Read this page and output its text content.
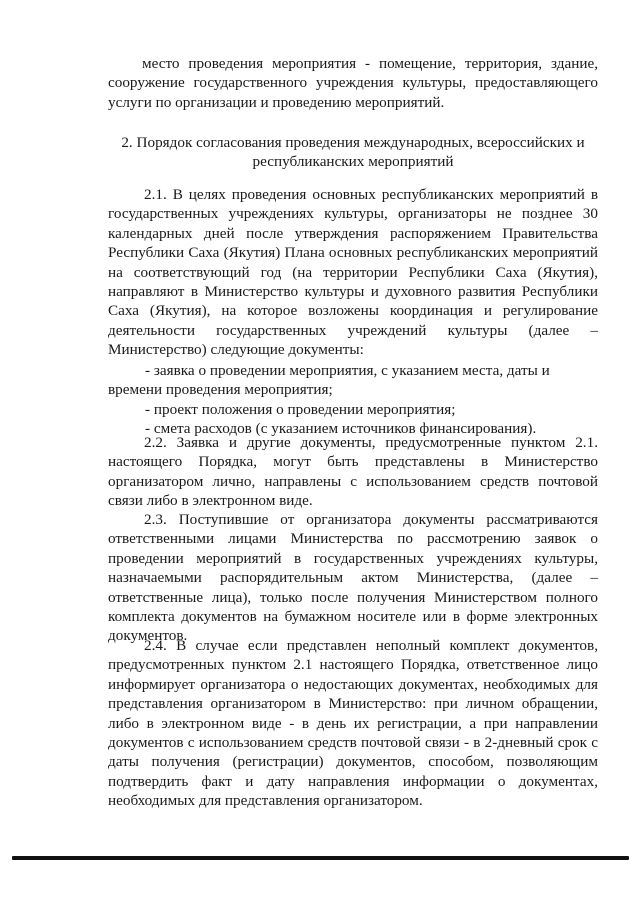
место проведения мероприятия - помещение, территория, здание, сооружение государственного учреждения культуры, предоставляющего услуги по организации и проведению мероприятий.

2. Порядок согласования проведения международных, всероссийских и
республиканских мероприятий

2.1. В целях проведения основных республиканских мероприятий в государственных учреждениях культуры, организаторы не позднее 30 календарных дней после утверждения распоряжением Правительства Республики Саха (Якутия) Плана основных республиканских мероприятий на соответствующий год (на территории Республики Саха (Якутия), направляют в Министерство культуры и духовного развития Республики Саха (Якутия), на которое возложены координация и регулирование деятельности государственных учреждений культуры (далее – Министерство) следующие документы:

- заявка о проведении мероприятия, с указанием места, даты и времени проведения мероприятия;

- проект положения о проведении мероприятия;

- смета расходов (с указанием источников финансирования).

2.2. Заявка и другие документы, предусмотренные пунктом 2.1. настоящего Порядка, могут быть представлены в Министерство организатором лично, направлены с использованием средств почтовой связи либо в электронном виде.

2.3. Поступившие от организатора документы рассматриваются ответственными лицами Министерства по рассмотрению заявок о проведении мероприятий в государственных учреждениях культуры, назначаемыми распорядительным актом Министерства, (далее – ответственные лица), только после получения Министерством полного комплекта документов на бумажном носителе или в форме электронных документов.

2.4. В случае если представлен неполный комплект документов, предусмотренных пунктом 2.1 настоящего Порядка, ответственное лицо информирует организатора о недостающих документах, необходимых для представления организатором в Министерство: при личном обращении, либо в электронном виде - в день их регистрации, а при направлении документов с использованием средств почтовой связи - в 2-дневный срок с даты получения (регистрации) документов, способом, позволяющим подтвердить факт и дату направления информации о документах, необходимых для представления организатором.
